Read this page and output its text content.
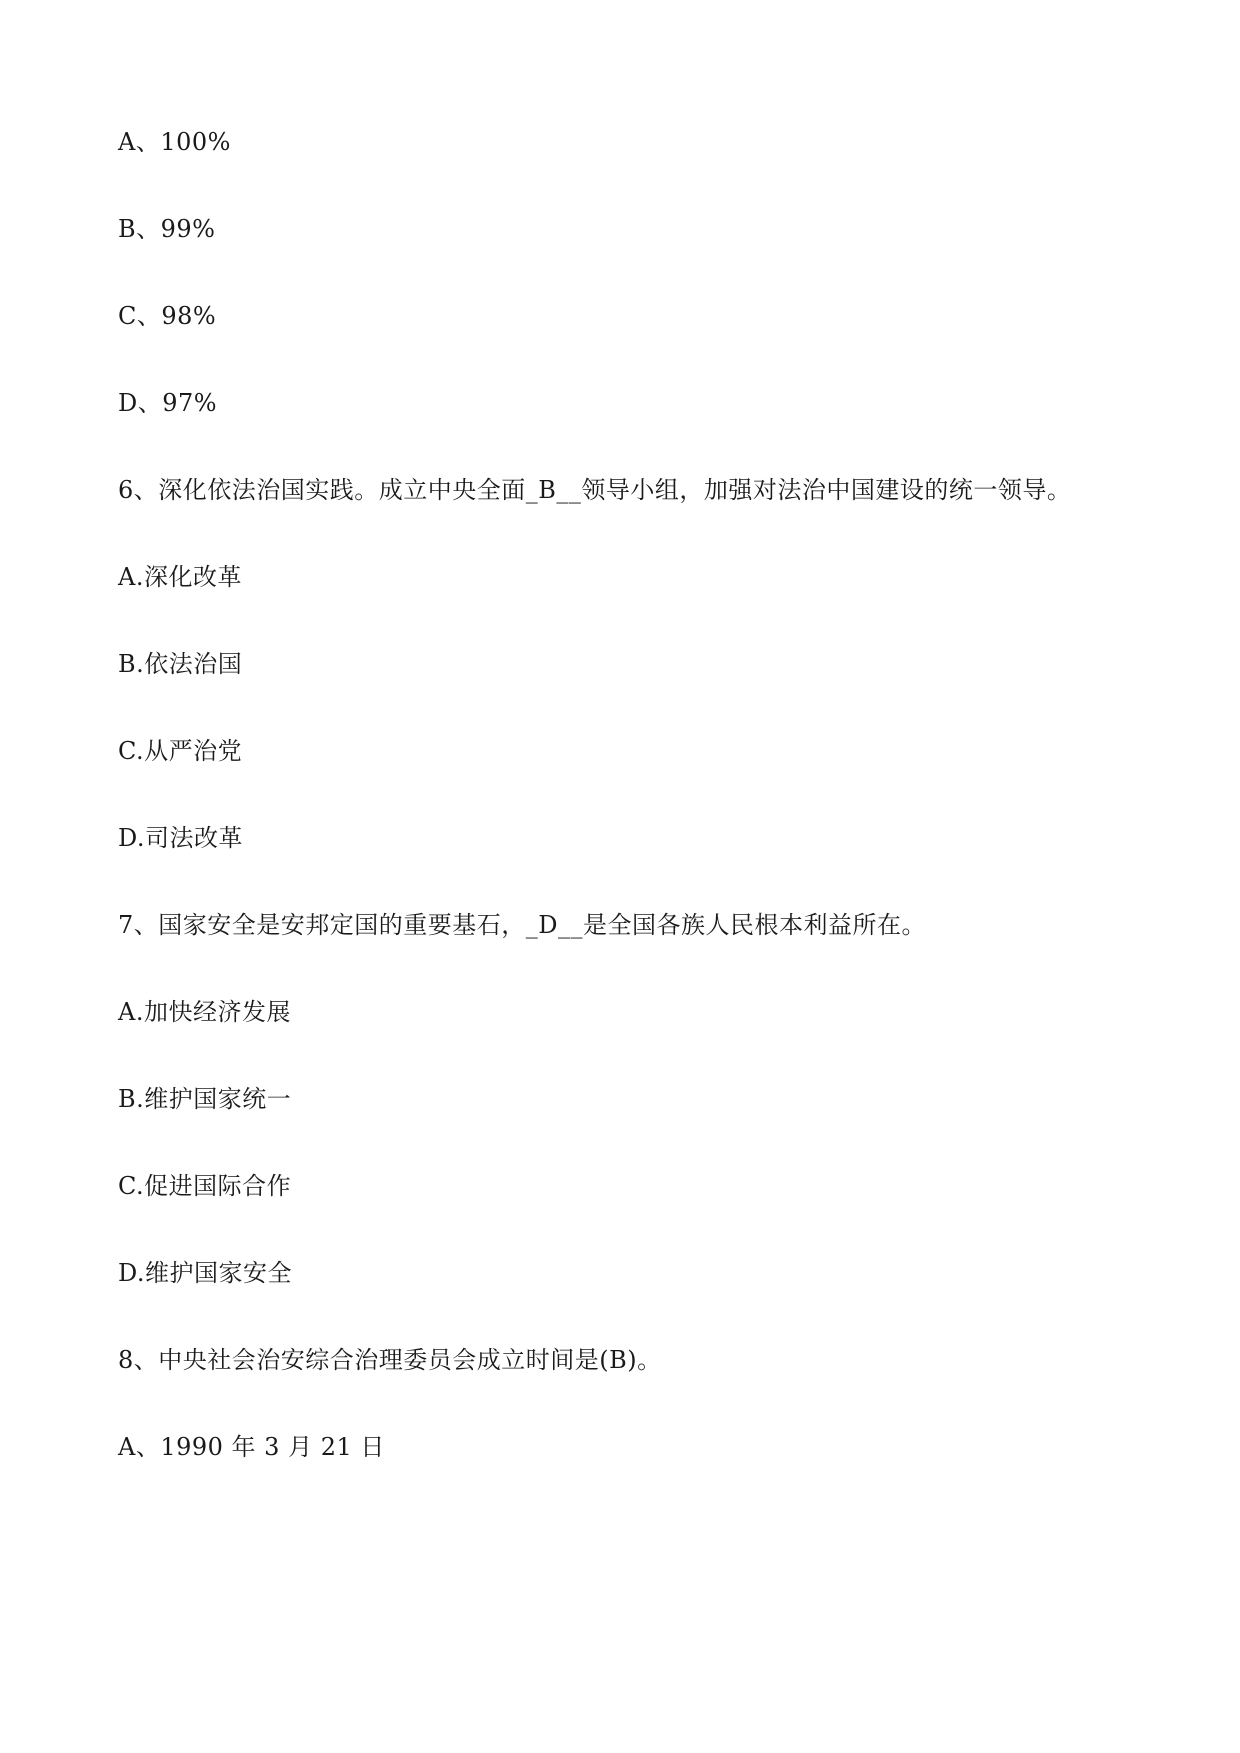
A、100%
B、99%
C、98%
D、97%
6、深化依法治国实践。成立中央全面_B__领导小组，加强对法治中国建设的统一领导。
A.深化改革
B.依法治国
C.从严治党
D.司法改革
7、国家安全是安邦定国的重要基石，_D__是全国各族人民根本利益所在。
A.加快经济发展
B.维护国家统一
C.促进国际合作
D.维护国家安全
8、中央社会治安综合治理委员会成立时间是(B)。
A、1990 年 3 月 21 日
